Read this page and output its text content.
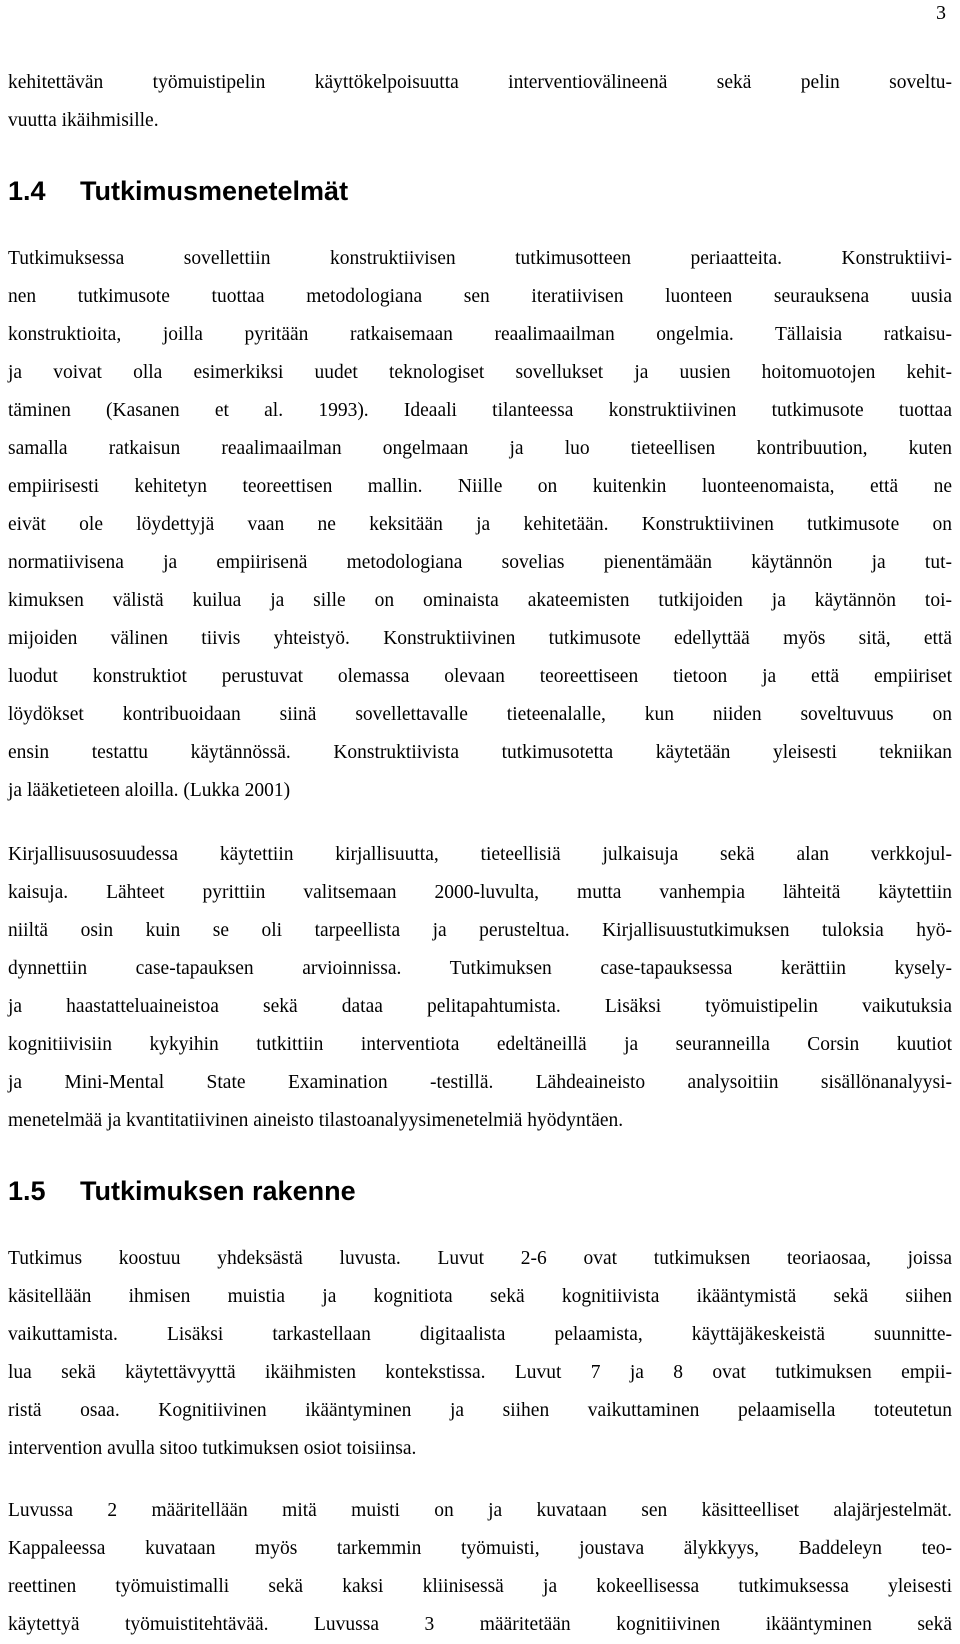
3
kehitettävän työmuistipelin käyttökelpoisuutta interventiovälineenä sekä pelin soveltu-
vuutta ikäihmisille.
1.4 Tutkimusmenetelmät
Tutkimuksessa sovellettiin konstruktiivisen tutkimusotteen periaatteita. Konstruktiivi-
nen tutkimusote tuottaa metodologiana sen iteratiivisen luonteen seurauksena uusia
konstruktioita, joilla pyritään ratkaisemaan reaalimaailman ongelmia. Tällaisia ratkaisu-
ja voivat olla esimerkiksi uudet teknologiset sovellukset ja uusien hoitomuotojen kehit-
täminen (Kasanen et al. 1993). Ideaali tilanteessa konstruktiivinen tutkimusote tuottaa
samalla ratkaisun reaalimaailman ongelmaan ja luo tieteellisen kontribuution, kuten
empiirisesti kehitetyn teoreettisen mallin. Niille on kuitenkin luonteenomaista, että ne
eivät ole löydettyjä vaan ne keksitään ja kehitetään. Konstruktiivinen tutkimusote on
normatiivisena ja empiirisenä metodologiana sovelias pienentämään käytännön ja tut-
kimuksen välistä kuilua ja sille on ominaista akateemisten tutkijoiden ja käytännön toi-
mijoiden välinen tiivis yhteistyö. Konstruktiivinen tutkimusote edellyttää myös sitä, että
luodut konstruktiot perustuvat olemassa olevaan teoreettiseen tietoon ja että empiiriset
löydökset kontribuoidaan siinä sovellettavalle tieteenalalle, kun niiden soveltuvuus on
ensin testattu käytännössä. Konstruktiivista tutkimusotetta käytetään yleisesti tekniikan
ja lääketieteen aloilla. (Lukka 2001)
Kirjallisuusosuudessa käytettiin kirjallisuutta, tieteellisiä julkaisuja sekä alan verkkojul-
kaisuja. Lähteet pyrittiin valitsemaan 2000-luvulta, mutta vanhempia lähteitä käytettiin
niiltä osin kuin se oli tarpeellista ja perusteltua. Kirjallisuustutkimuksen tuloksia hyö-
dynnettiin case-tapauksen arvioinnissa. Tutkimuksen case-tapauksessa kerättiin kysely-
ja haastatteluaineistoa sekä dataa pelitapahtumista. Lisäksi työmuistipelin vaikutuksia
kognitiivisiin kykyihin tutkittiin interventiota edeltäneillä ja seuranneilla Corsin kuutiot
ja Mini-Mental State Examination -testillä. Lähdeaineisto analysoitiin sisällönanalyysi-
menetelmää ja kvantitatiivinen aineisto tilastoanalyysimenetelmiä hyödyntäen.
1.5 Tutkimuksen rakenne
Tutkimus koostuu yhdeksästä luvusta. Luvut 2-6 ovat tutkimuksen teoriaosaa, joissa
käsitellään ihmisen muistia ja kognitiota sekä kognitiivista ikääntymistä sekä siihen
vaikuttamista. Lisäksi tarkastellaan digitaalista pelaamista, käyttäjäkeskeistä suunnitte-
lua sekä käytettävyyttä ikäihmisten kontekstissa. Luvut 7 ja 8 ovat tutkimuksen empii-
ristä osaa. Kognitiivinen ikääntyminen ja siihen vaikuttaminen pelaamisella toteutetun
intervention avulla sitoo tutkimuksen osiot toisiinsa.
Luvussa 2 määritellään mitä muisti on ja kuvataan sen käsitteelliset alajärjestelmät.
Kappaleessa kuvataan myös tarkemmin työmuisti, joustava älykkyys, Baddeleyn teo-
reettinen työmuistimalli sekä kaksi kliinisessä ja kokeellisessa tutkimuksessa yleisesti
käytettyä työmuistitehtävää. Luvussa 3 määritetään kognitiivinen ikääntyminen sekä
